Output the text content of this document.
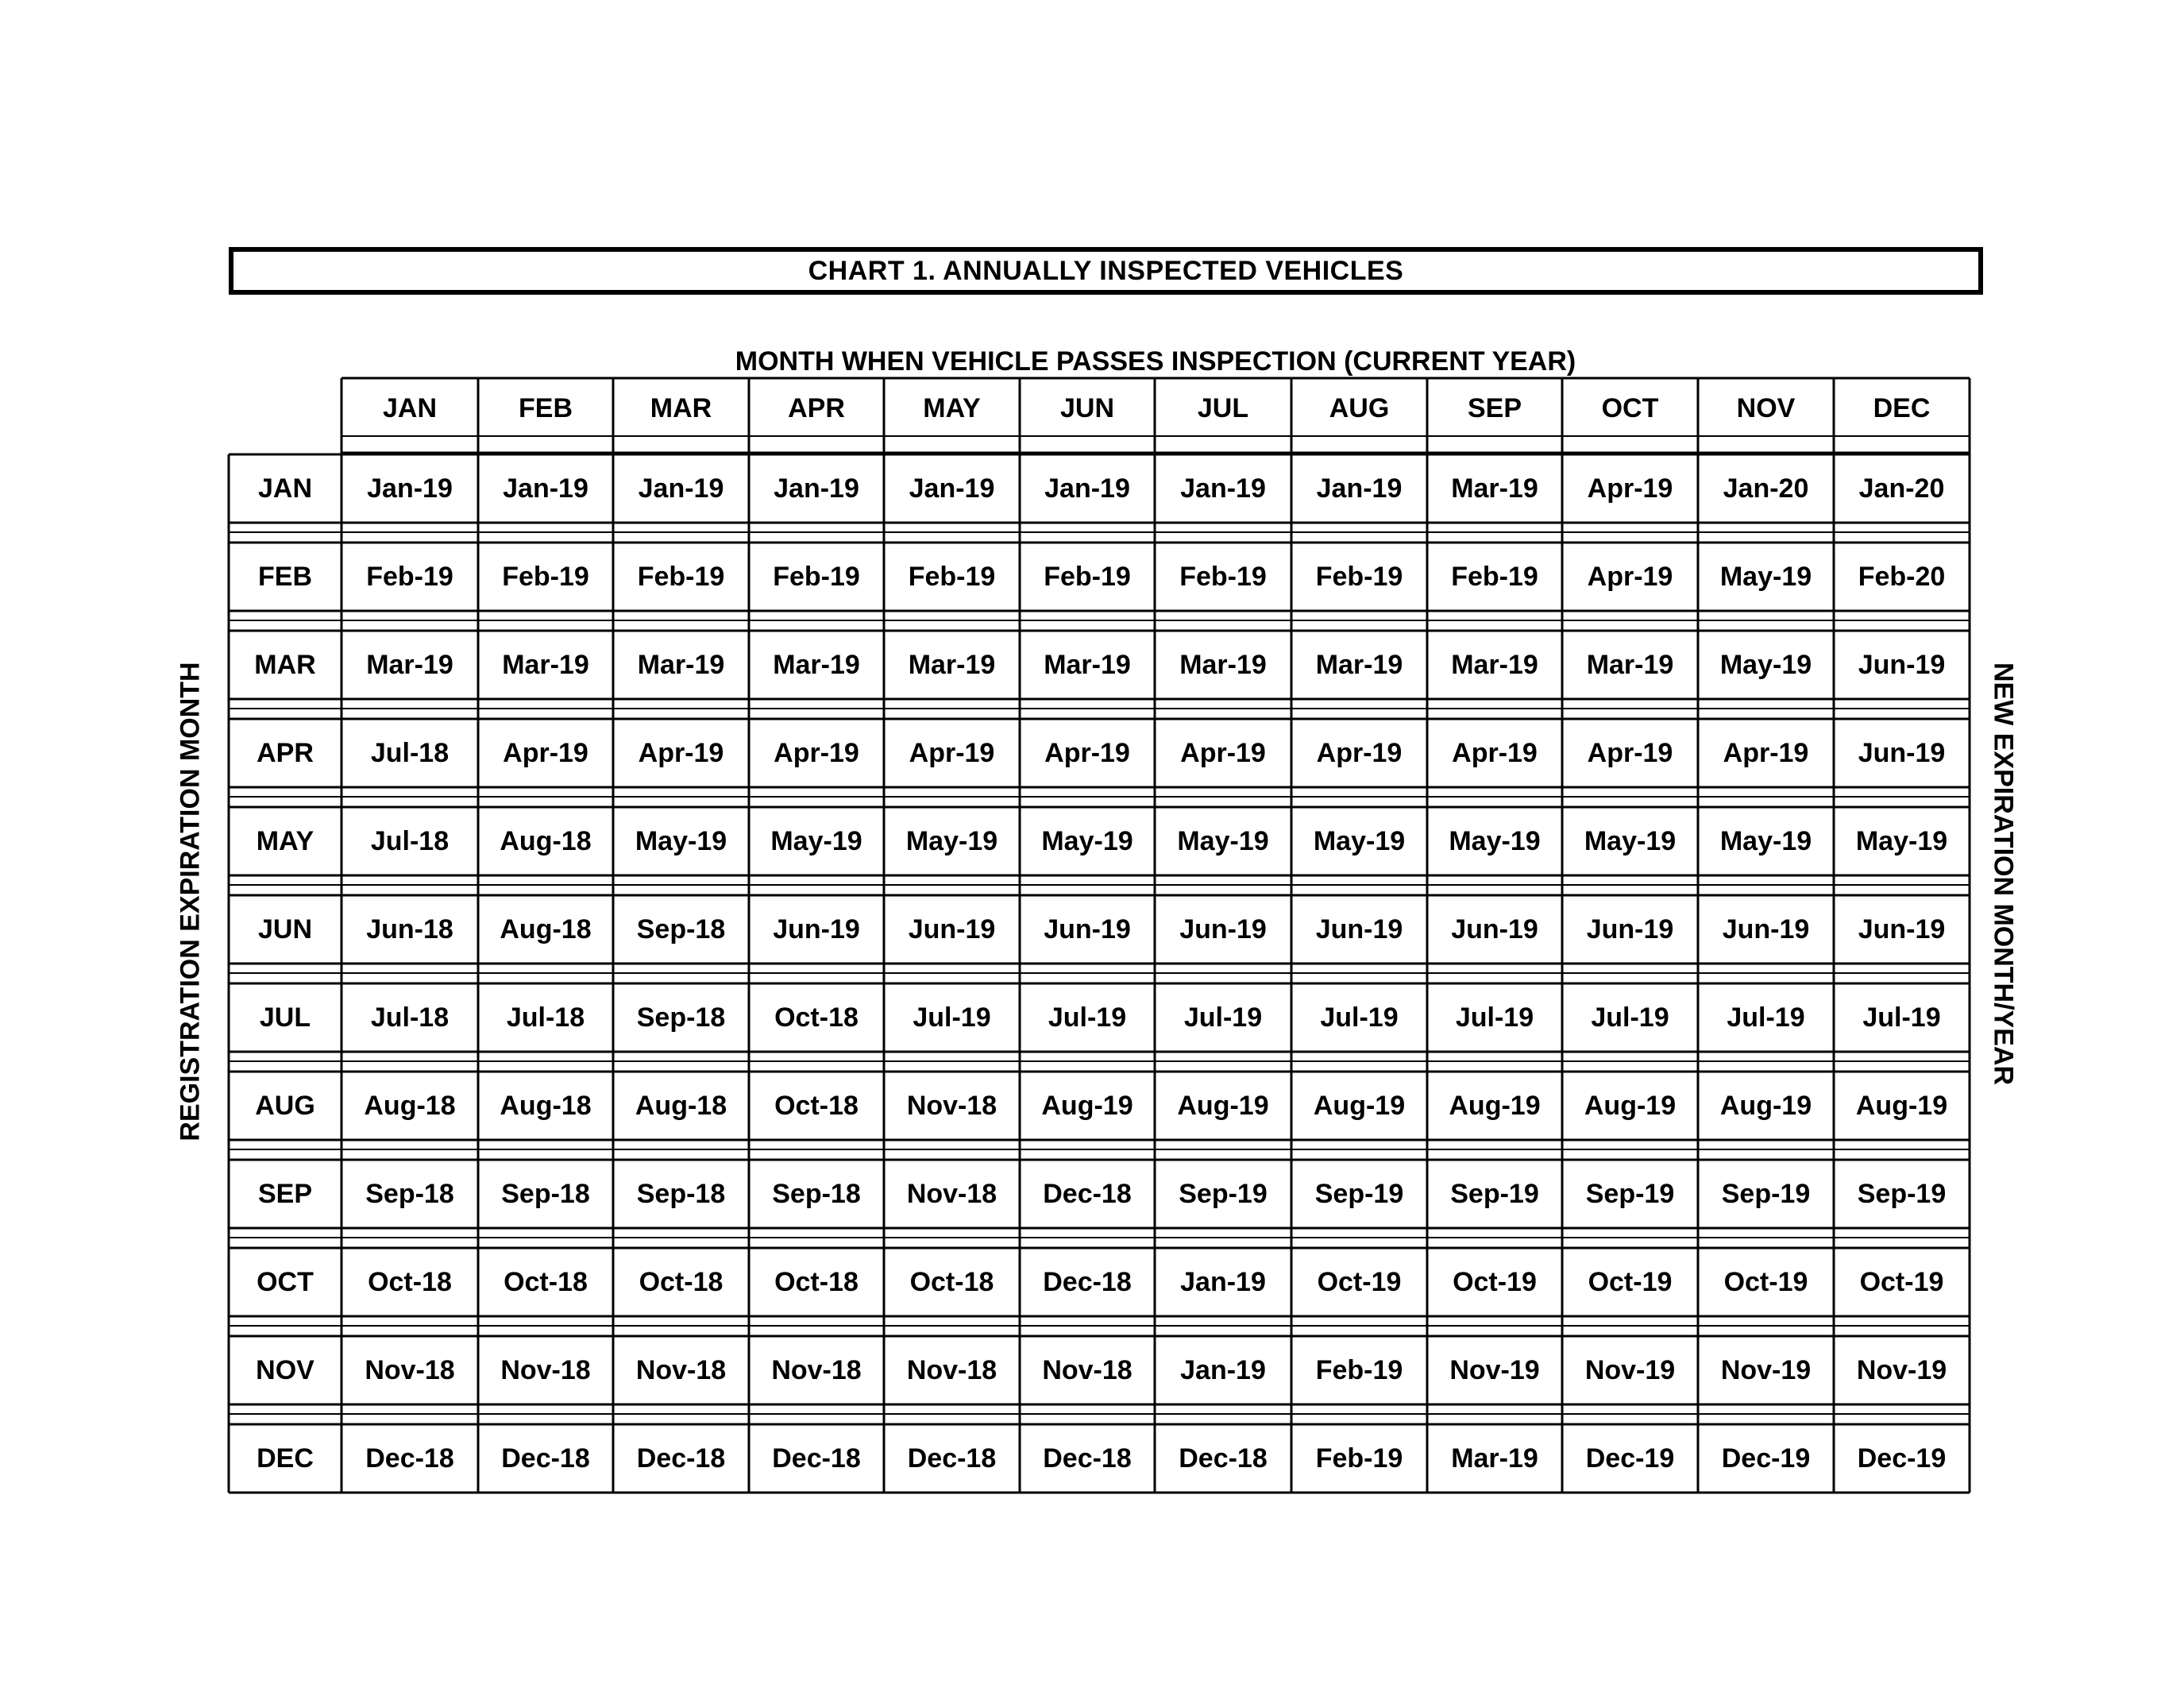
CHART 1. ANNUALLY INSPECTED VEHICLES
MONTH WHEN VEHICLE PASSES INSPECTION (CURRENT YEAR)
REGISTRATION EXPIRATION MONTH	NEW EXPIRATION MONTH/YEAR
JAN	FEB	MAR	APR	MAY	JUN	JUL	AUG	SEP	OCT	NOV	DEC
JAN	Jan-19	Jan-19	Jan-19	Jan-19	Jan-19	Jan-19	Jan-19	Jan-19	Mar-19	Apr-19	Jan-20	Jan-20
FEB	Feb-19	Feb-19	Feb-19	Feb-19	Feb-19	Feb-19	Feb-19	Feb-19	Feb-19	Apr-19	May-19	Feb-20
MAR	Mar-19	Mar-19	Mar-19	Mar-19	Mar-19	Mar-19	Mar-19	Mar-19	Mar-19	Mar-19	May-19	Jun-19
APR	Jul-18	Apr-19	Apr-19	Apr-19	Apr-19	Apr-19	Apr-19	Apr-19	Apr-19	Apr-19	Apr-19	Jun-19
MAY	Jul-18	Aug-18	May-19	May-19	May-19	May-19	May-19	May-19	May-19	May-19	May-19	May-19
JUN	Jun-18	Aug-18	Sep-18	Jun-19	Jun-19	Jun-19	Jun-19	Jun-19	Jun-19	Jun-19	Jun-19	Jun-19
JUL	Jul-18	Jul-18	Sep-18	Oct-18	Jul-19	Jul-19	Jul-19	Jul-19	Jul-19	Jul-19	Jul-19	Jul-19
AUG	Aug-18	Aug-18	Aug-18	Oct-18	Nov-18	Aug-19	Aug-19	Aug-19	Aug-19	Aug-19	Aug-19	Aug-19
SEP	Sep-18	Sep-18	Sep-18	Sep-18	Nov-18	Dec-18	Sep-19	Sep-19	Sep-19	Sep-19	Sep-19	Sep-19
OCT	Oct-18	Oct-18	Oct-18	Oct-18	Oct-18	Dec-18	Jan-19	Oct-19	Oct-19	Oct-19	Oct-19	Oct-19
NOV	Nov-18	Nov-18	Nov-18	Nov-18	Nov-18	Nov-18	Jan-19	Feb-19	Nov-19	Nov-19	Nov-19	Nov-19
DEC	Dec-18	Dec-18	Dec-18	Dec-18	Dec-18	Dec-18	Dec-18	Feb-19	Mar-19	Dec-19	Dec-19	Dec-19
